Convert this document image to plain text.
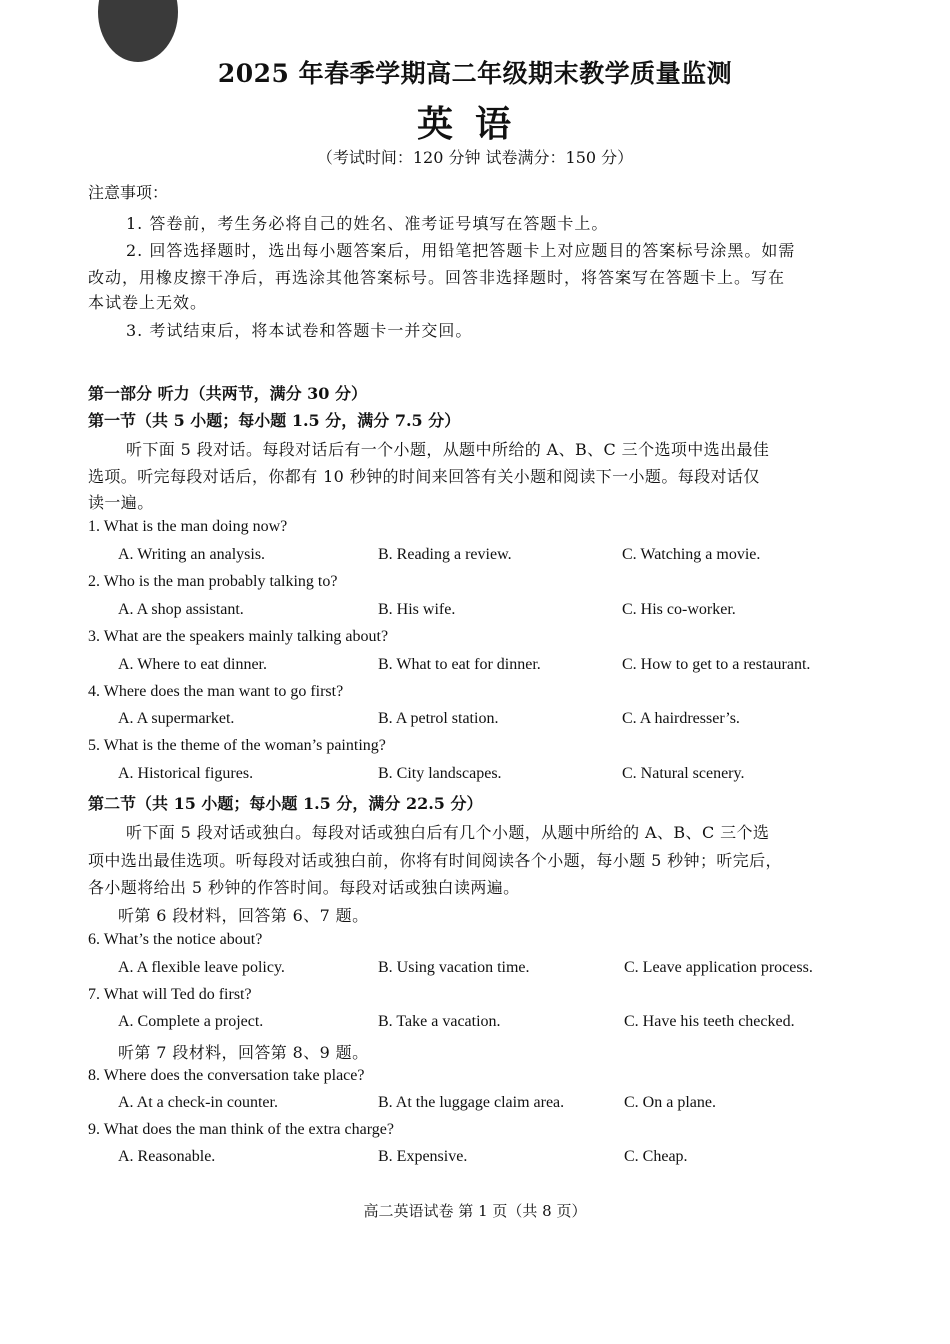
2025 年春季学期高二年级期末教学质量监测
英语
（考试时间：120 分钟 试卷满分：150 分）
注意事项：
1. 答卷前，考生务必将自己的姓名、准考证号填写在答题卡上。
2. 回答选择题时，选出每小题答案后，用铅笔把答题卡上对应题目的答案标号涂黑。如需
改动，用橡皮擦干净后，再选涂其他答案标号。回答非选择题时，将答案写在答题卡上。写在
本试卷上无效。
3. 考试结束后，将本试卷和答题卡一并交回。
第一部分 听力（共两节，满分 30 分）
第一节（共 5 小题；每小题 1.5 分，满分 7.5 分）
听下面 5 段对话。每段对话后有一个小题，从题中所给的 A、B、C 三个选项中选出最佳
选项。听完每段对话后，你都有 10 秒钟的时间来回答有关小题和阅读下一小题。每段对话仅
读一遍。
1. What is the man doing now?
A. Writing an analysis.	B. Reading a review.	C. Watching a movie.
2. Who is the man probably talking to?
A. A shop assistant.	B. His wife.	C. His co-worker.
3. What are the speakers mainly talking about?
A. Where to eat dinner.	B. What to eat for dinner.	C. How to get to a restaurant.
4. Where does the man want to go first?
A. A supermarket.	B. A petrol station.	C. A hairdresser’s.
5. What is the theme of the woman’s painting?
A. Historical figures.	B. City landscapes.	C. Natural scenery.
第二节（共 15 小题；每小题 1.5 分，满分 22.5 分）
听下面 5 段对话或独白。每段对话或独白后有几个小题，从题中所给的 A、B、C 三个选
项中选出最佳选项。听每段对话或独白前，你将有时间阅读各个小题，每小题 5 秒钟；听完后，
各小题将给出 5 秒钟的作答时间。每段对话或独白读两遍。
听第 6 段材料，回答第 6、7 题。
6. What’s the notice about?
A. A flexible leave policy.	B. Using vacation time.	C. Leave application process.
7. What will Ted do first?
A. Complete a project.	B. Take a vacation.	C. Have his teeth checked.
听第 7 段材料，回答第 8、9 题。
8. Where does the conversation take place?
A. At a check-in counter.	B. At the luggage claim area.	C. On a plane.
9. What does the man think of the extra charge?
A. Reasonable.	B. Expensive.	C. Cheap.
高二英语试卷 第 1 页（共 8 页）
